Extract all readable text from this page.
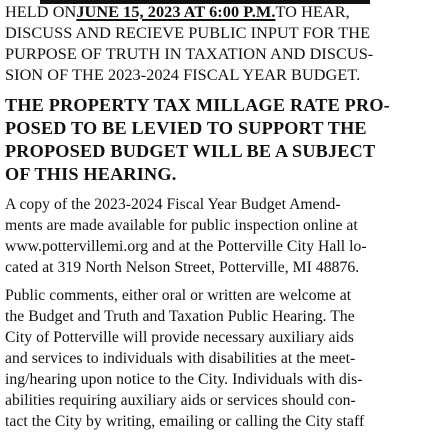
HELD ONJUNE 15, 2023 AT 6:00 P.M.TO HEAR,
DISCUSS AND RECIEVE PUBLIC INPUT FOR THE
PURPOSE OF TRUTH IN TAXATION AND DISCUS-
SION OF THE 2023-2024 FISCAL YEAR BUDGET.
THE PROPERTY TAX MILLAGE RATE PRO-
POSED TO BE LEVIED TO SUPPORT THE
PROPOSED BUDGET WILL BE A SUBJECT
OF THIS HEARING.
A copy of the 2023-2024 Fiscal Year Budget Amend-
ments are made available for public inspection online at
www.pottervillemi.org and at the Potterville City Hall lo-
cated at 319 North Nelson Street, Potterville, MI 48876.
Public comments, either oral or written are welcome at
the Budget and Truth and Taxation Public Hearing. The
City of Potterville will provide necessary auxiliary aids
and services to individuals with disabilities at the meet-
ing/hearing upon notice to the City. Individuals with dis-
abilities requiring auxiliary aids or services should con-
tact the City by writing, emailing or calling the City staff
